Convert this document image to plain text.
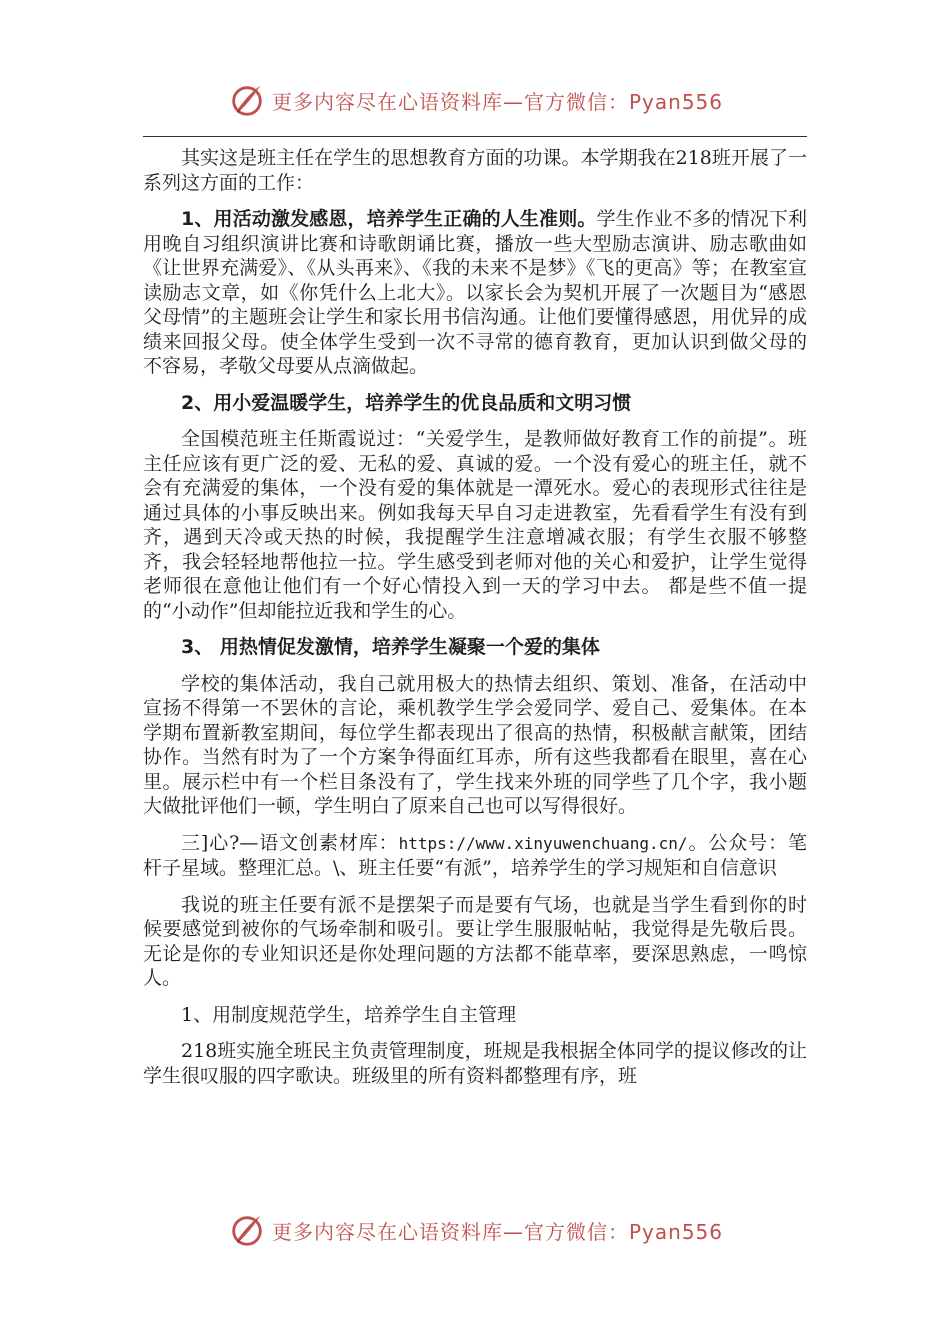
更多内容尽在心语资料库—官方微信：Pyan556

其实这是班主任在学生的思想教育方面的功课。本学期我在218班开展了一系列这方面的工作：

1、用活动激发感恩，培养学生正确的人生准则。学生作业不多的情况下利用晚自习组织演讲比赛和诗歌朗诵比赛，播放一些大型励志演讲、励志歌曲如《让世界充满爱》、《从头再来》、《我的未来不是梦》《飞的更高》等；在教室宣读励志文章，如《你凭什么上北大》。以家长会为契机开展了一次题目为“感恩父母情”的主题班会让学生和家长用书信沟通。让他们要懂得感恩，用优异的成绩来回报父母。使全体学生受到一次不寻常的德育教育，更加认识到做父母的不容易，孝敬父母要从点滴做起。

2、用小爱温暖学生，培养学生的优良品质和文明习惯

全国模范班主任斯霞说过：“关爱学生，是教师做好教育工作的前提”。班主任应该有更广泛的爱、无私的爱、真诚的爱。一个没有爱心的班主任，就不会有充满爱的集体，一个没有爱的集体就是一潭死水。爱心的表现形式往往是通过具体的小事反映出来。例如我每天早自习走进教室，先看看学生有没有到齐，遇到天冷或天热的时候，我提醒学生注意增减衣服；有学生衣服不够整齐，我会轻轻地帮他拉一拉。学生感受到老师对他的关心和爱护，让学生觉得老师很在意他让他们有一个好心情投入到一天的学习中去。 都是些不值一提的“小动作”但却能拉近我和学生的心。

3、 用热情促发激情，培养学生凝聚一个爱的集体

学校的集体活动，我自己就用极大的热情去组织、策划、准备，在活动中宣扬不得第一不罢休的言论，乘机教学生学会爱同学、爱自己、爱集体。在本学期布置新教室期间，每位学生都表现出了很高的热情，积极献言献策，团结协作。当然有时为了一个方案争得面红耳赤，所有这些我都看在眼里，喜在心里。展示栏中有一个栏目条没有了，学生找来外班的同学些了几个字，我小题大做批评他们一顿，学生明白了原来自己也可以写得很好。

三]心?—语文创素材库：https://www.xinyuwenchuang.cn/。公众号：笔杆子星域。整理汇总。\、班主任要“有派”，培养学生的学习规矩和自信意识

我说的班主任要有派不是摆架子而是要有气场，也就是当学生看到你的时候要感觉到被你的气场牵制和吸引。要让学生服服帖帖，我觉得是先敬后畏。无论是你的专业知识还是你处理问题的方法都不能草率，要深思熟虑，一鸣惊人。

1、用制度规范学生，培养学生自主管理

218班实施全班民主负责管理制度，班规是我根据全体同学的提议修改的让学生很叹服的四字歌诀。班级里的所有资料都整理有序，班

更多内容尽在心语资料库—官方微信：Pyan556
